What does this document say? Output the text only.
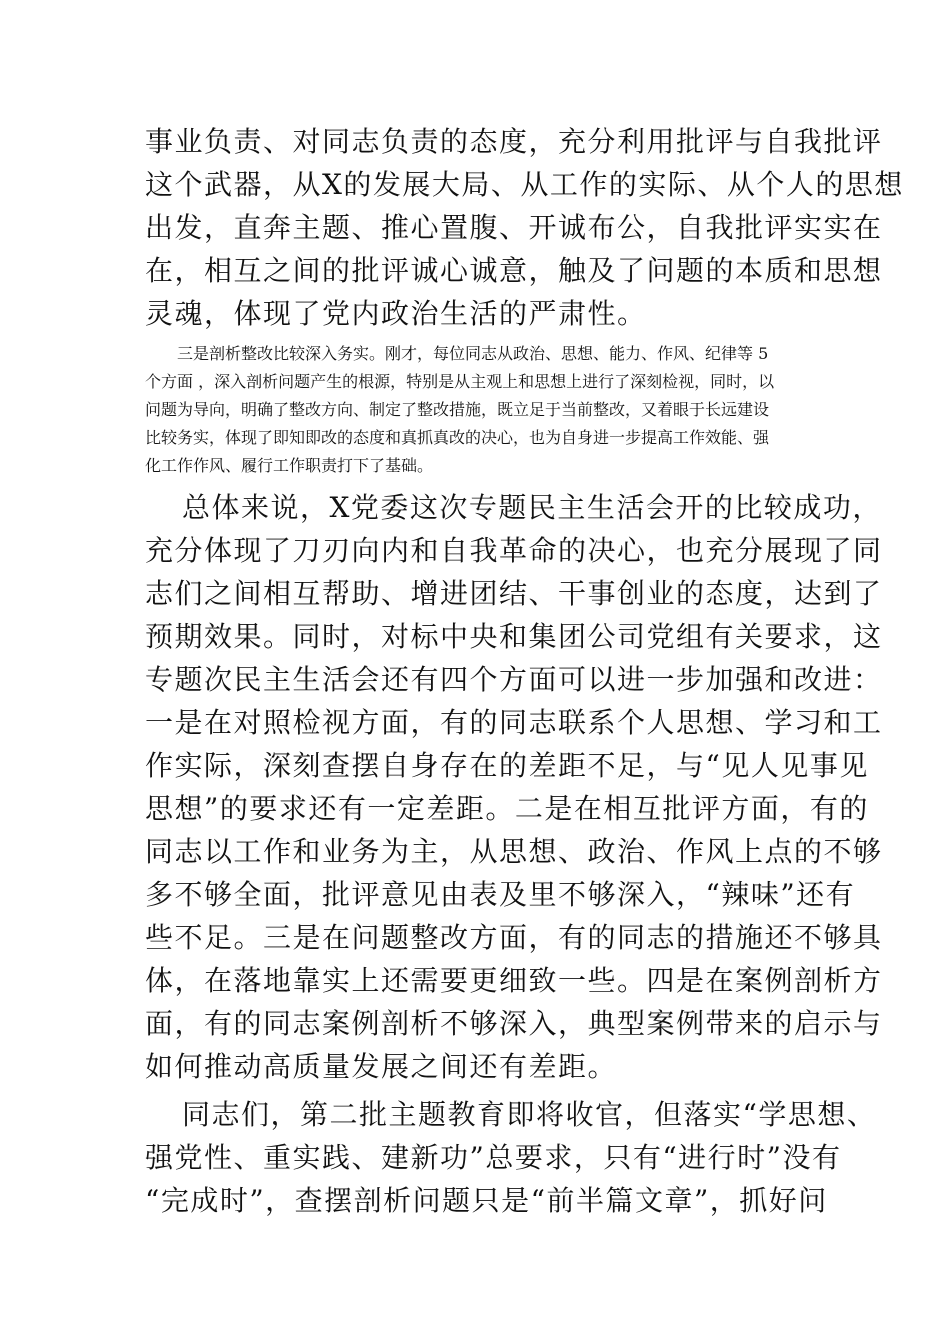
事业负责、对同志负责的态度，充分利用批评与自我批评
这个武器，从X的发展大局、从工作的实际、从个人的思想
出发，直奔主题、推心置腹、开诚布公，自我批评实实在
在，相互之间的批评诚心诚意，触及了问题的本质和思想
灵魂，体现了党内政治生活的严肃性。
三是剖析整改比较深入务实。刚才，每位同志从政治、思想、能力、作风、纪律等 5
个方面 ，深入剖析问题产生的根源，特别是从主观上和思想上进行了深刻检视，同时，以
问题为导向，明确了整改方向、制定了整改措施，既立足于当前整改，又着眼于长远建设
比较务实，体现了即知即改的态度和真抓真改的决心，也为自身进一步提高工作效能、强
化工作作风、履行工作职责打下了基础。
总体来说，X党委这次专题民主生活会开的比较成功，
充分体现了刀刃向内和自我革命的决心，也充分展现了同
志们之间相互帮助、增进团结、干事创业的态度，达到了
预期效果。同时，对标中央和集团公司党组有关要求，这
专题次民主生活会还有四个方面可以进一步加强和改进：
一是在对照检视方面，有的同志联系个人思想、学习和工
作实际，深刻查摆自身存在的差距不足，与“见人见事见
思想”的要求还有一定差距。二是在相互批评方面，有的
同志以工作和业务为主，从思想、政治、作风上点的不够
多不够全面，批评意见由表及里不够深入，“辣味”还有
些不足。三是在问题整改方面，有的同志的措施还不够具
体，在落地靠实上还需要更细致一些。四是在案例剖析方
面，有的同志案例剖析不够深入，典型案例带来的启示与
如何推动高质量发展之间还有差距。
同志们，第二批主题教育即将收官，但落实“学思想、
强党性、重实践、建新功”总要求，只有“进行时”没有
“完成时”，查摆剖析问题只是“前半篇文章”，抓好问
